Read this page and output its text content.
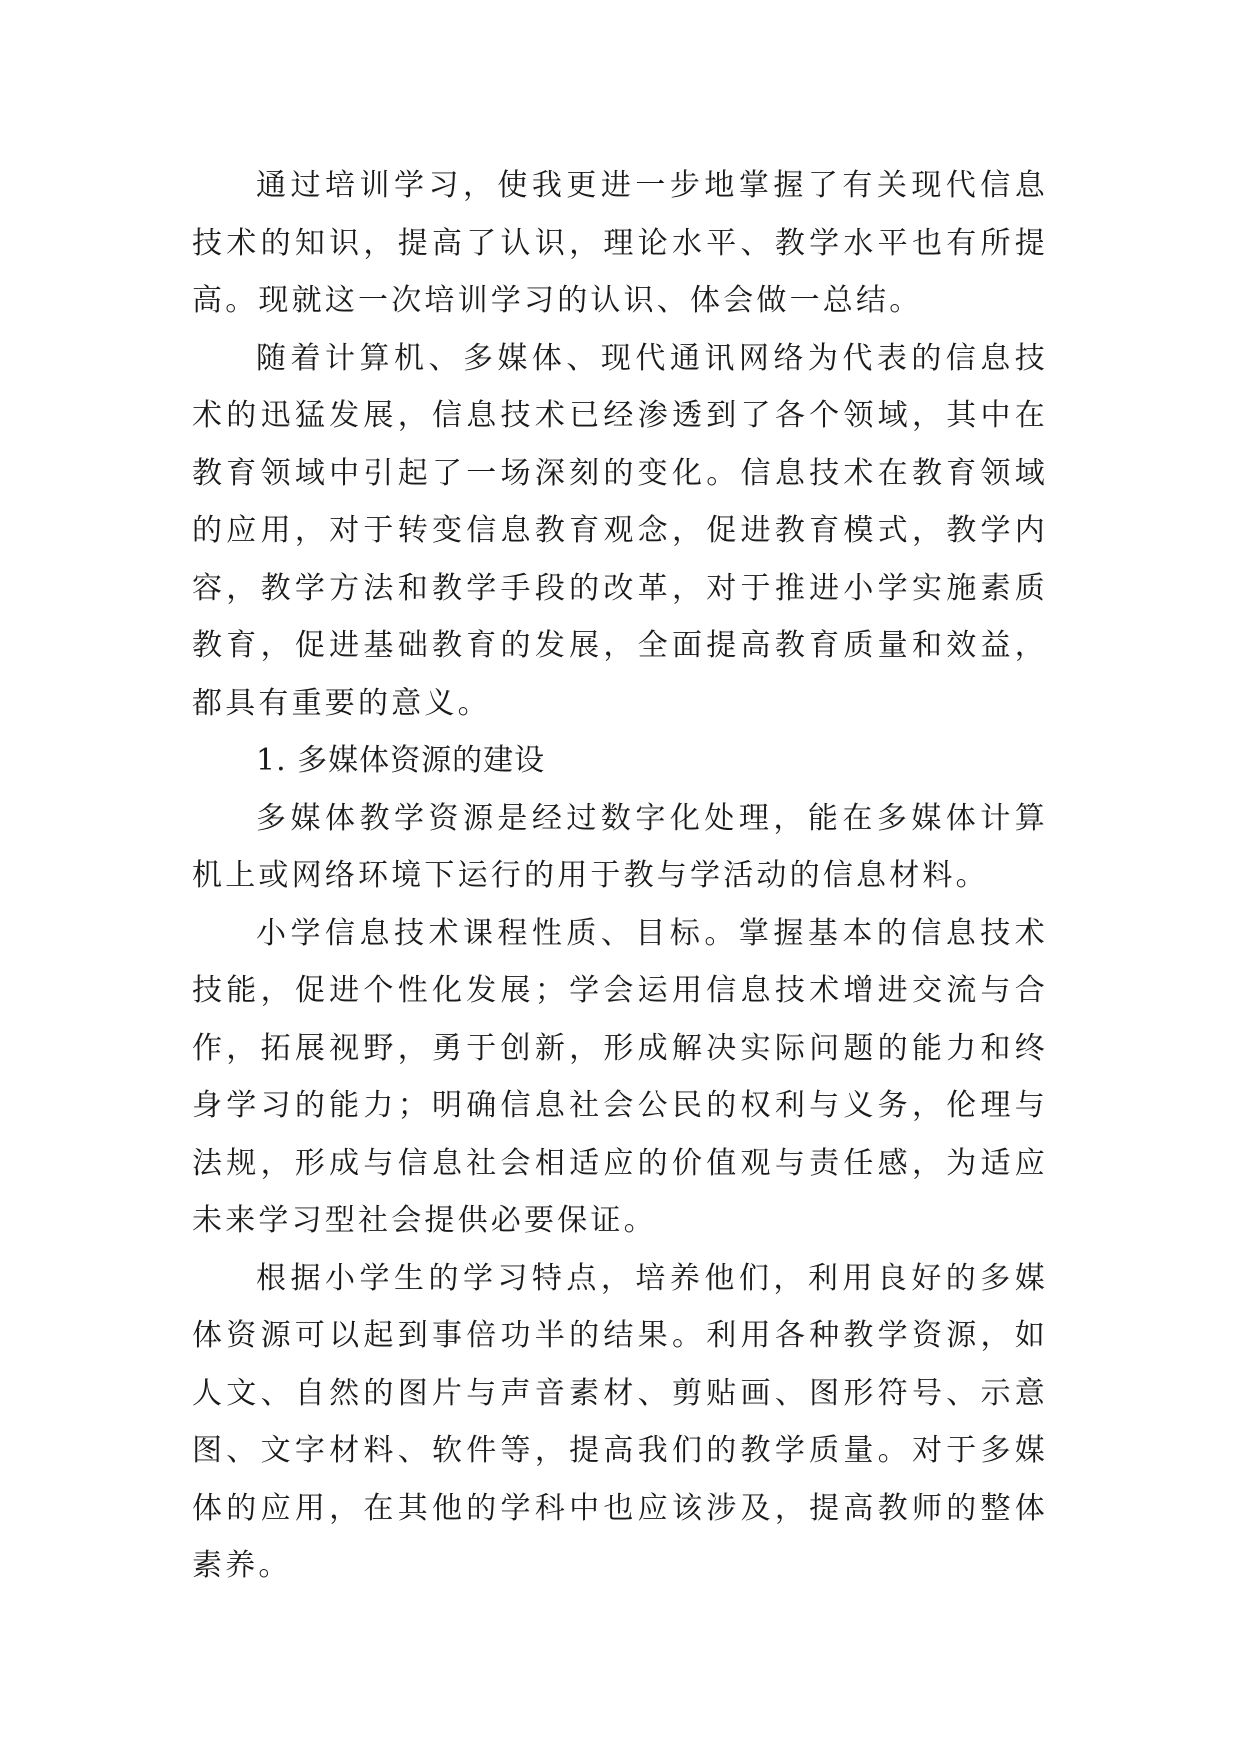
通过培训学习，使我更进一步地掌握了有关现代信息技术的知识，提高了认识，理论水平、教学水平也有所提高。现就这一次培训学习的认识、体会做一总结。

随着计算机、多媒体、现代通讯网络为代表的信息技术的迅猛发展，信息技术已经渗透到了各个领域，其中在教育领域中引起了一场深刻的变化。信息技术在教育领域的应用，对于转变信息教育观念，促进教育模式，教学内容，教学方法和教学手段的改革，对于推进小学实施素质教育，促进基础教育的发展，全面提高教育质量和效益，都具有重要的意义。

1. 多媒体资源的建设

多媒体教学资源是经过数字化处理，能在多媒体计算机上或网络环境下运行的用于教与学活动的信息材料。

小学信息技术课程性质、目标。掌握基本的信息技术技能，促进个性化发展；学会运用信息技术增进交流与合作，拓展视野，勇于创新，形成解决实际问题的能力和终身学习的能力；明确信息社会公民的权利与义务，伦理与法规，形成与信息社会相适应的价值观与责任感，为适应未来学习型社会提供必要保证。

根据小学生的学习特点，培养他们，利用良好的多媒体资源可以起到事倍功半的结果。利用各种教学资源，如人文、自然的图片与声音素材、剪贴画、图形符号、示意图、文字材料、软件等，提高我们的教学质量。对于多媒体的应用，在其他的学科中也应该涉及，提高教师的整体素养。
